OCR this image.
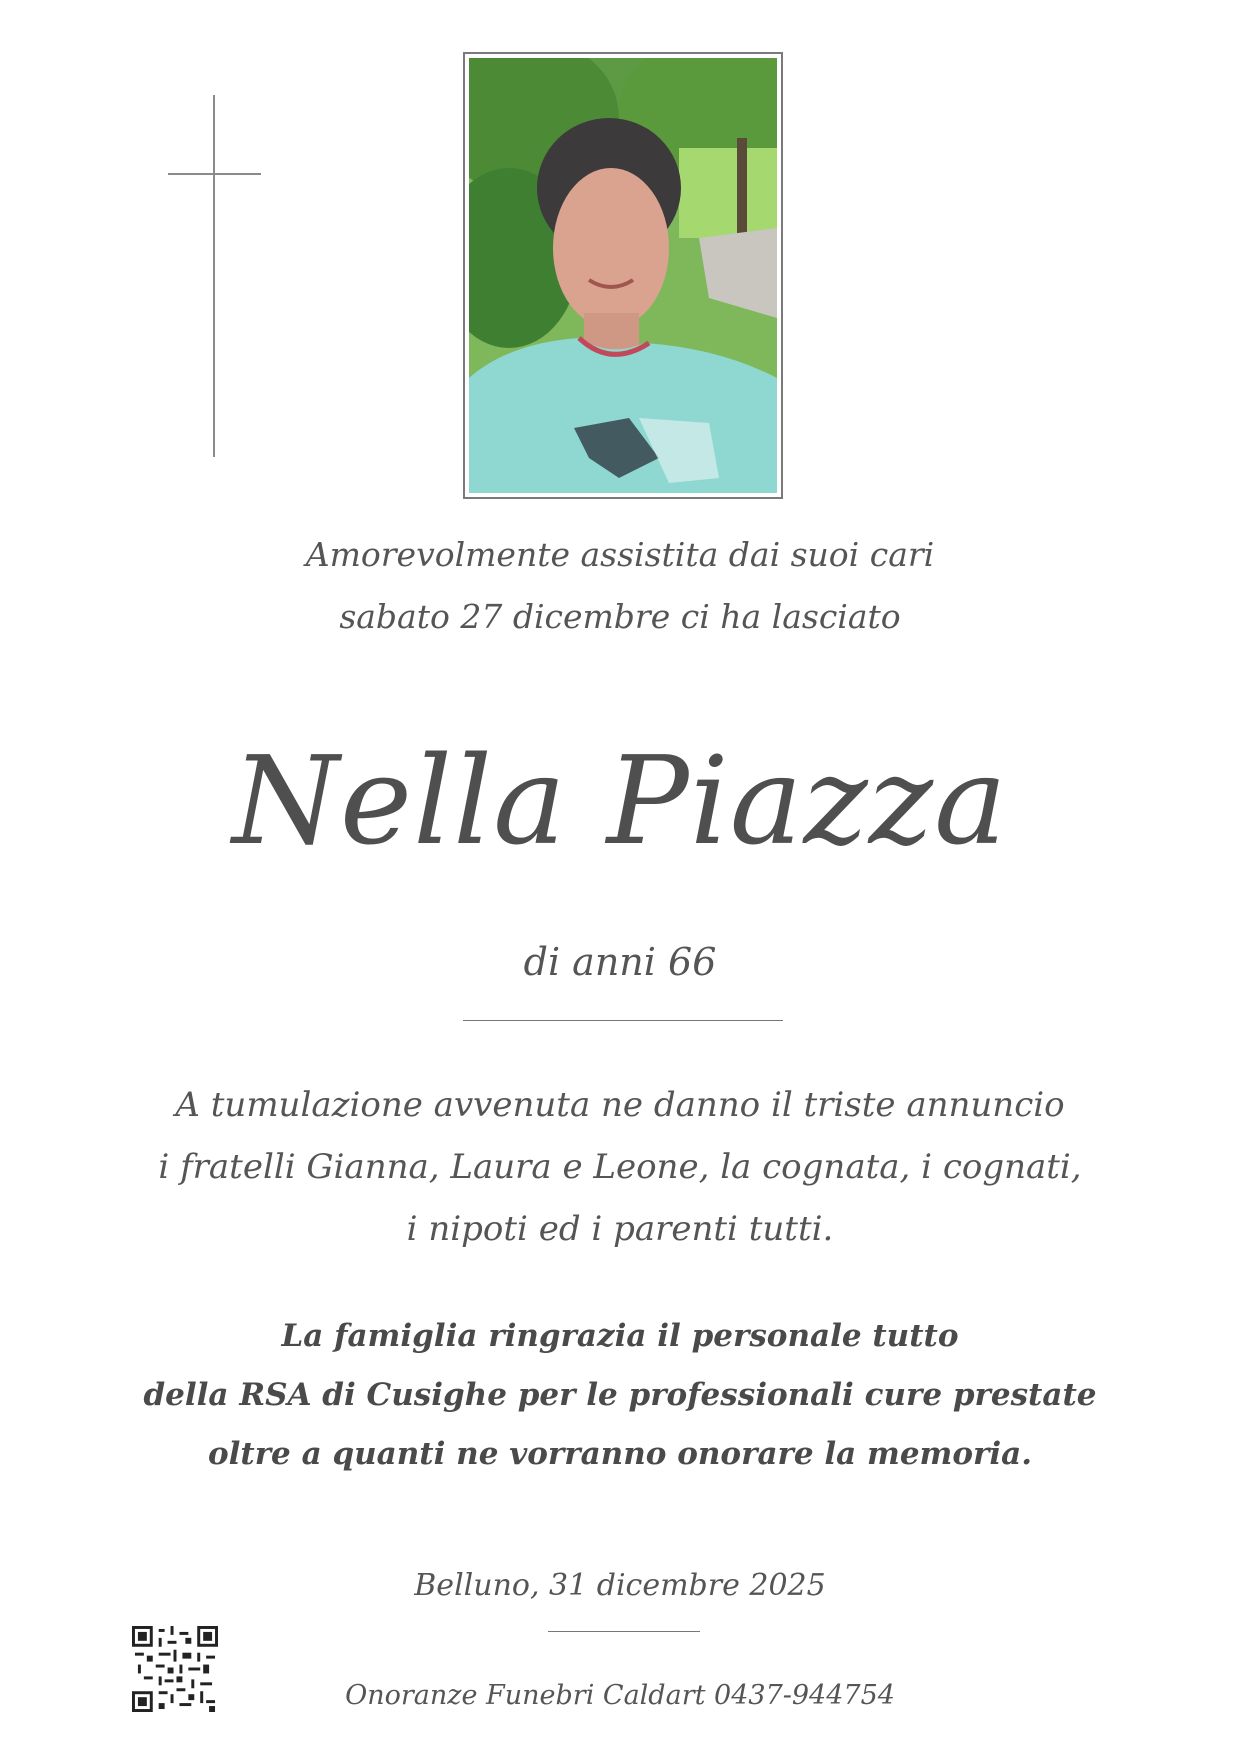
Amorevolmente assistita dai suoi cari
sabato 27 dicembre ci ha lasciato
Nella Piazza
di anni 66
A tumulazione avvenuta ne danno il triste annuncio
i fratelli Gianna, Laura e Leone, la cognata, i cognati,
i nipoti ed i parenti tutti.
La famiglia ringrazia il personale tutto
della RSA di Cusighe per le professionali cure prestate
oltre a quanti ne vorranno onorare la memoria.
Belluno, 31 dicembre 2025
Onoranze Funebri Caldart 0437-944754
